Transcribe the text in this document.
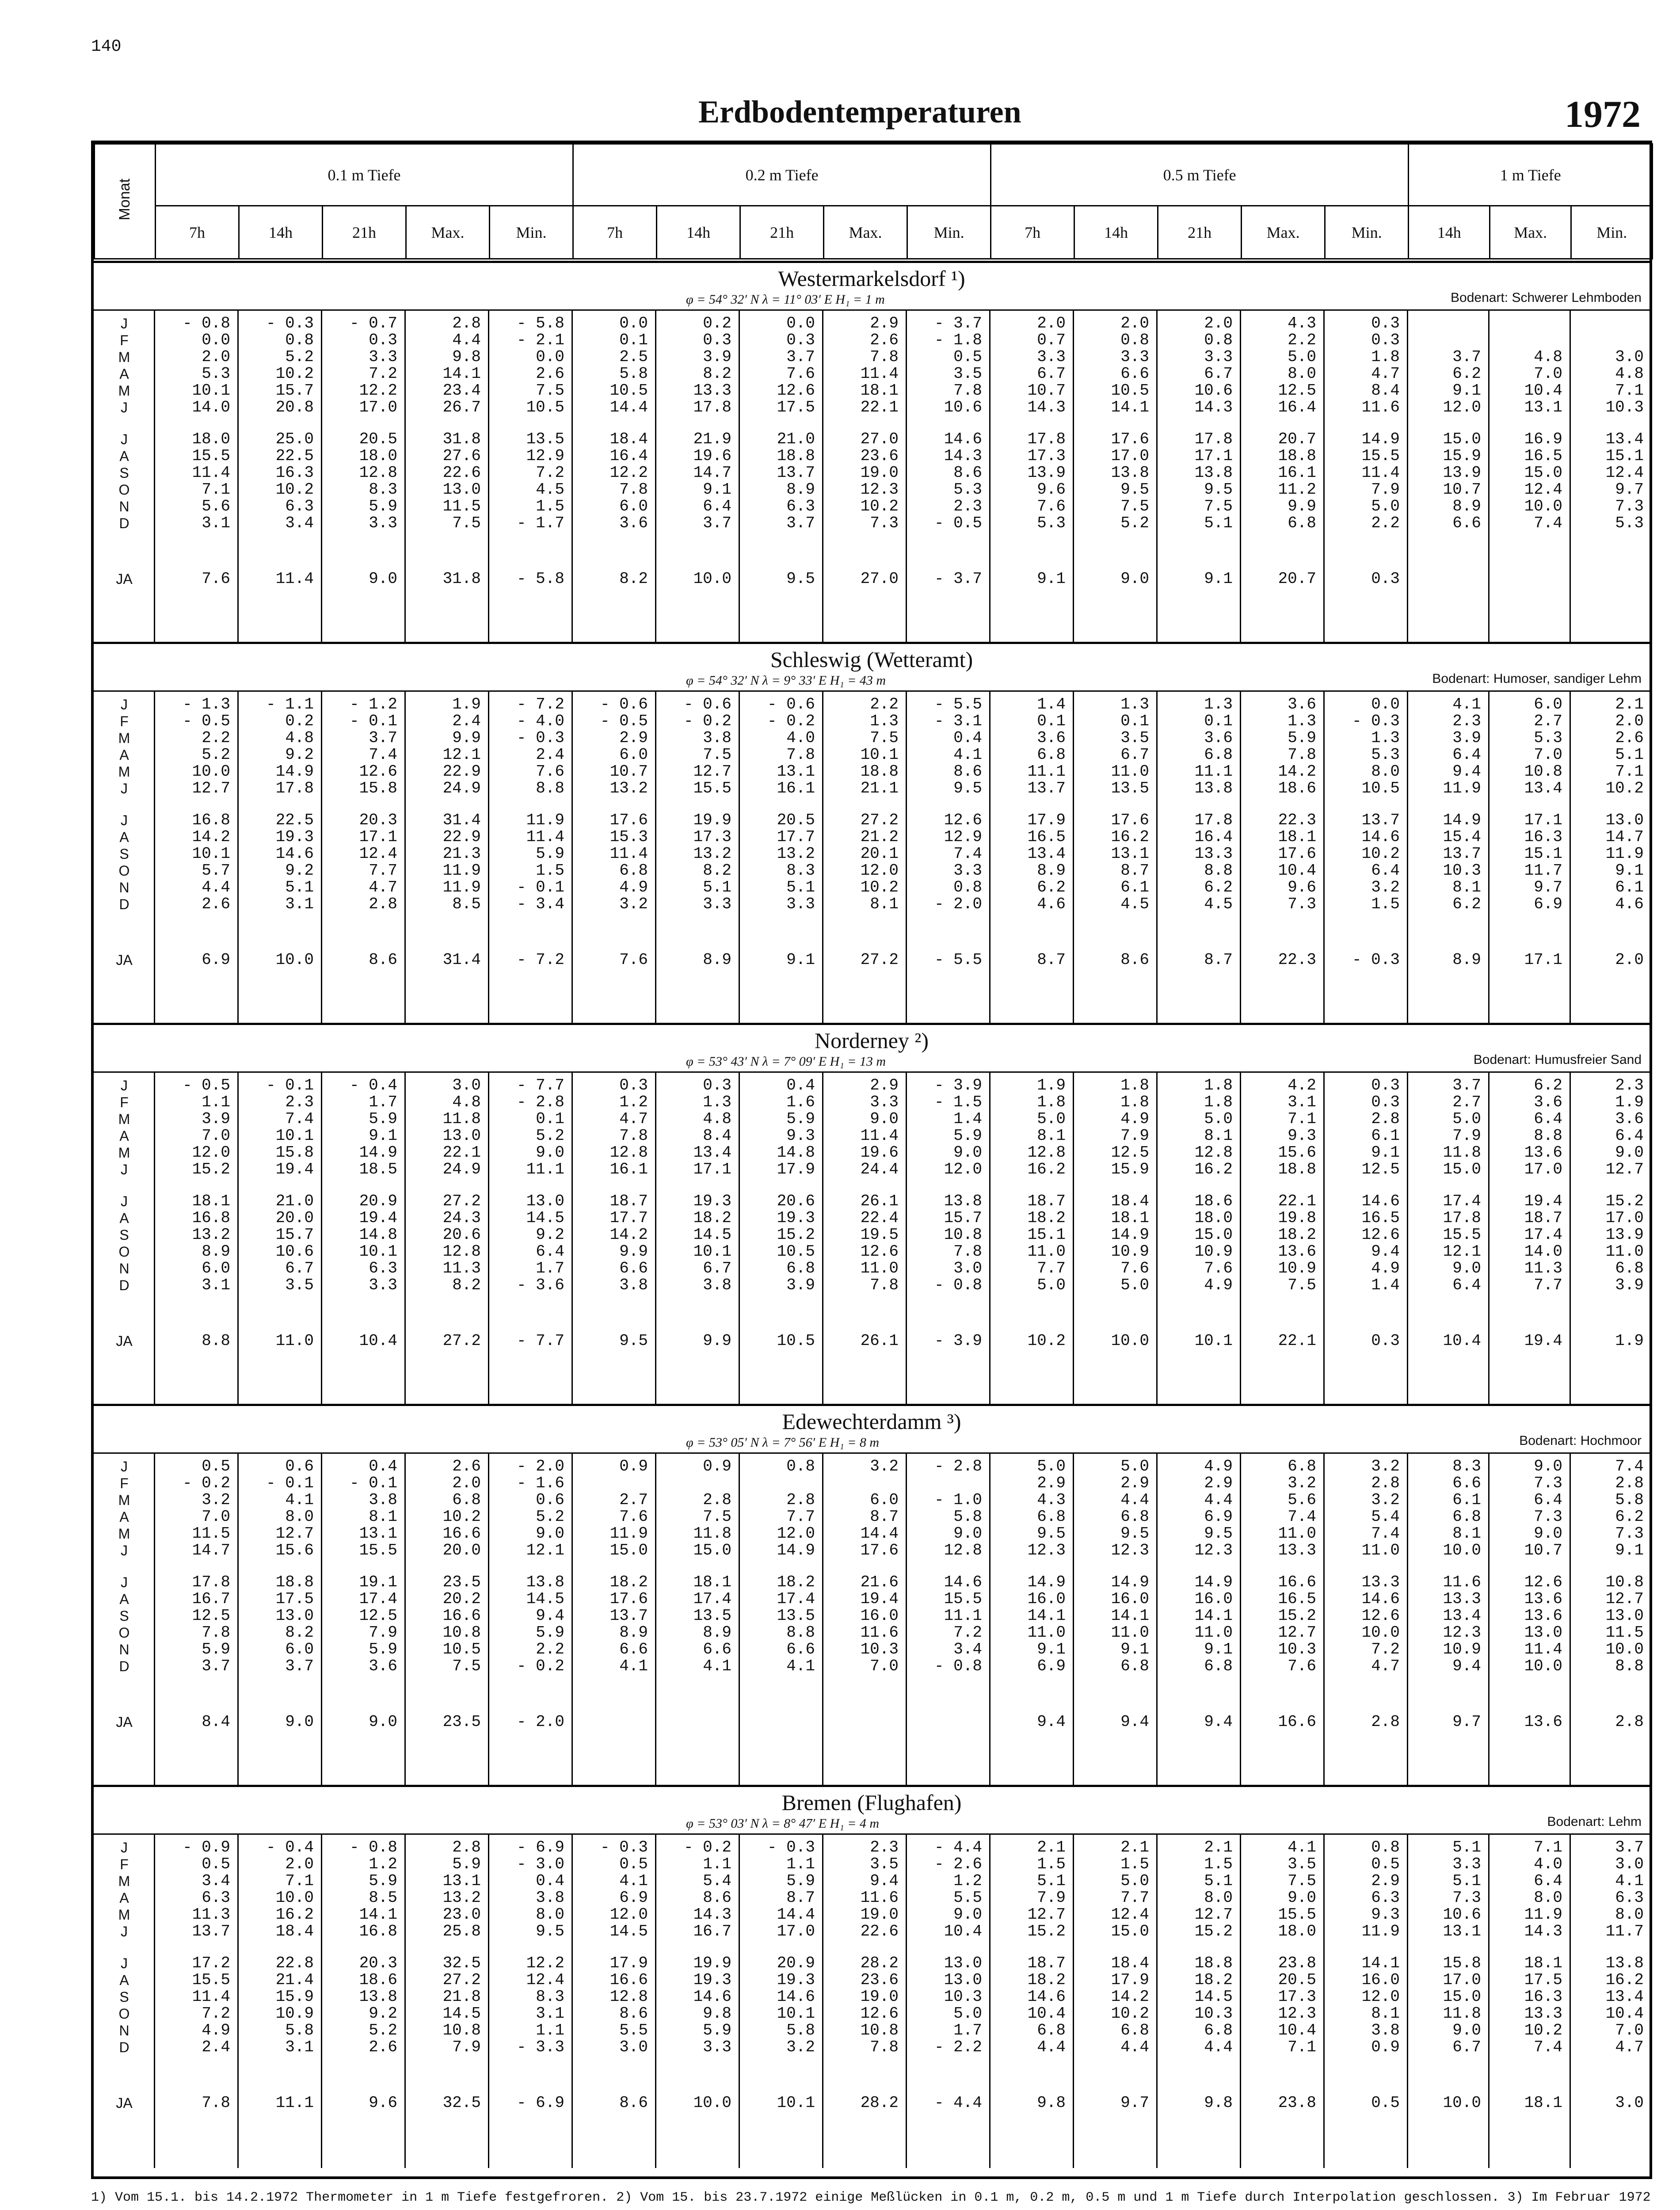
140
Erdbodentemperaturen	1972
Monat	0.1 m Tiefe					0.2 m Tiefe					0.5 m Tiefe					1 m Tiefe		
	7h	14h	21h	Max.	Min.	7h	14h	21h	Max.	Min.	7h	14h	21h	Max.	Min.	14h	Max.	Min.
Westermarkelsdorf ¹)
φ = 54° 32′ N λ = 11° 03′ E H₁ = 1 m	Bodenart: Schwerer Lehmboden
J	- 0.8	- 0.3	- 0.7	2.8	- 5.8	0.0	0.2	0.0	2.9	- 3.7	2.0	2.0	2.0	4.3	0.3			
F	0.0	0.8	0.3	4.4	- 2.1	0.1	0.3	0.3	2.6	- 1.8	0.7	0.8	0.8	2.2	0.3			
M	2.0	5.2	3.3	9.8	0.0	2.5	3.9	3.7	7.8	0.5	3.3	3.3	3.3	5.0	1.8	3.7	4.8	3.0
A	5.3	10.2	7.2	14.1	2.6	5.8	8.2	7.6	11.4	3.5	6.7	6.6	6.7	8.0	4.7	6.2	7.0	4.8
M	10.1	15.7	12.2	23.4	7.5	10.5	13.3	12.6	18.1	7.8	10.7	10.5	10.6	12.5	8.4	9.1	10.4	7.1
J	14.0	20.8	17.0	26.7	10.5	14.4	17.8	17.5	22.1	10.6	14.3	14.1	14.3	16.4	11.6	12.0	13.1	10.3

J	18.0	25.0	20.5	31.8	13.5	18.4	21.9	21.0	27.0	14.6	17.8	17.6	17.8	20.7	14.9	15.0	16.9	13.4
A	15.5	22.5	18.0	27.6	12.9	16.4	19.6	18.8	23.6	14.3	17.3	17.0	17.1	18.8	15.5	15.9	16.5	15.1
S	11.4	16.3	12.8	22.6	7.2	12.2	14.7	13.7	19.0	8.6	13.9	13.8	13.8	16.1	11.4	13.9	15.0	12.4
O	7.1	10.2	8.3	13.0	4.5	7.8	9.1	8.9	12.3	5.3	9.6	9.5	9.5	11.2	7.9	10.7	12.4	9.7
N	5.6	6.3	5.9	11.5	1.5	6.0	6.4	6.3	10.2	2.3	7.6	7.5	7.5	9.9	5.0	8.9	10.0	7.3
D	3.1	3.4	3.3	7.5	- 1.7	3.6	3.7	3.7	7.3	- 0.5	5.3	5.2	5.1	6.8	2.2	6.6	7.4	5.3

JA	7.6	11.4	9.0	31.8	- 5.8	8.2	10.0	9.5	27.0	- 3.7	9.1	9.0	9.1	20.7	0.3			
Schleswig (Wetteramt)
φ = 54° 32′ N λ = 9° 33′ E H₁ = 43 m	Bodenart: Humoser, sandiger Lehm
J	- 1.3	- 1.1	- 1.2	1.9	- 7.2	- 0.6	- 0.6	- 0.6	2.2	- 5.5	1.4	1.3	1.3	3.6	0.0	4.1	6.0	2.1
F	- 0.5	0.2	- 0.1	2.4	- 4.0	- 0.5	- 0.2	- 0.2	1.3	- 3.1	0.1	0.1	0.1	1.3	- 0.3	2.3	2.7	2.0
M	2.2	4.8	3.7	9.9	- 0.3	2.9	3.8	4.0	7.5	0.4	3.6	3.5	3.6	5.9	1.3	3.9	5.3	2.6
A	5.2	9.2	7.4	12.1	2.4	6.0	7.5	7.8	10.1	4.1	6.8	6.7	6.8	7.8	5.3	6.4	7.0	5.1
M	10.0	14.9	12.6	22.9	7.6	10.7	12.7	13.1	18.8	8.6	11.1	11.0	11.1	14.2	8.0	9.4	10.8	7.1
J	12.7	17.8	15.8	24.9	8.8	13.2	15.5	16.1	21.1	9.5	13.7	13.5	13.8	18.6	10.5	11.9	13.4	10.2

J	16.8	22.5	20.3	31.4	11.9	17.6	19.9	20.5	27.2	12.6	17.9	17.6	17.8	22.3	13.7	14.9	17.1	13.0
A	14.2	19.3	17.1	22.9	11.4	15.3	17.3	17.7	21.2	12.9	16.5	16.2	16.4	18.1	14.6	15.4	16.3	14.7
S	10.1	14.6	12.4	21.3	5.9	11.4	13.2	13.2	20.1	7.4	13.4	13.1	13.3	17.6	10.2	13.7	15.1	11.9
O	5.7	9.2	7.7	11.9	1.5	6.8	8.2	8.3	12.0	3.3	8.9	8.7	8.8	10.4	6.4	10.3	11.7	9.1
N	4.4	5.1	4.7	11.9	- 0.1	4.9	5.1	5.1	10.2	0.8	6.2	6.1	6.2	9.6	3.2	8.1	9.7	6.1
D	2.6	3.1	2.8	8.5	- 3.4	3.2	3.3	3.3	8.1	- 2.0	4.6	4.5	4.5	7.3	1.5	6.2	6.9	4.6

JA	6.9	10.0	8.6	31.4	- 7.2	7.6	8.9	9.1	27.2	- 5.5	8.7	8.6	8.7	22.3	- 0.3	8.9	17.1	2.0
Norderney ²)
φ = 53° 43′ N λ = 7° 09′ E H₁ = 13 m	Bodenart: Humusfreier Sand
J	- 0.5	- 0.1	- 0.4	3.0	- 7.7	0.3	0.3	0.4	2.9	- 3.9	1.9	1.8	1.8	4.2	0.3	3.7	6.2	2.3
F	1.1	2.3	1.7	4.8	- 2.8	1.2	1.3	1.6	3.3	- 1.5	1.8	1.8	1.8	3.1	0.3	2.7	3.6	1.9
M	3.9	7.4	5.9	11.8	0.1	4.7	4.8	5.9	9.0	1.4	5.0	4.9	5.0	7.1	2.8	5.0	6.4	3.6
A	7.0	10.1	9.1	13.0	5.2	7.8	8.4	9.3	11.4	5.9	8.1	7.9	8.1	9.3	6.1	7.9	8.8	6.4
M	12.0	15.8	14.9	22.1	9.0	12.8	13.4	14.8	19.6	9.0	12.8	12.5	12.8	15.6	9.1	11.8	13.6	9.0
J	15.2	19.4	18.5	24.9	11.1	16.1	17.1	17.9	24.4	12.0	16.2	15.9	16.2	18.8	12.5	15.0	17.0	12.7

J	18.1	21.0	20.9	27.2	13.0	18.7	19.3	20.6	26.1	13.8	18.7	18.4	18.6	22.1	14.6	17.4	19.4	15.2
A	16.8	20.0	19.4	24.3	14.5	17.7	18.2	19.3	22.4	15.7	18.2	18.1	18.0	19.8	16.5	17.8	18.7	17.0
S	13.2	15.7	14.8	20.6	9.2	14.2	14.5	15.2	19.5	10.8	15.1	14.9	15.0	18.2	12.6	15.5	17.4	13.9
O	8.9	10.6	10.1	12.8	6.4	9.9	10.1	10.5	12.6	7.8	11.0	10.9	10.9	13.6	9.4	12.1	14.0	11.0
N	6.0	6.7	6.3	11.3	1.7	6.6	6.7	6.8	11.0	3.0	7.7	7.6	7.6	10.9	4.9	9.0	11.3	6.8
D	3.1	3.5	3.3	8.2	- 3.6	3.8	3.8	3.9	7.8	- 0.8	5.0	5.0	4.9	7.5	1.4	6.4	7.7	3.9

JA	8.8	11.0	10.4	27.2	- 7.7	9.5	9.9	10.5	26.1	- 3.9	10.2	10.0	10.1	22.1	0.3	10.4	19.4	1.9
Edewechterdamm ³)
φ = 53° 05′ N λ = 7° 56′ E H₁ = 8 m	Bodenart: Hochmoor
J	0.5	0.6	0.4	2.6	- 2.0	0.9	0.9	0.8	3.2	- 2.8	5.0	5.0	4.9	6.8	3.2	8.3	9.0	7.4
F	- 0.2	- 0.1	- 0.1	2.0	- 1.6						2.9	2.9	2.9	3.2	2.8	6.6	7.3	2.8
M	3.2	4.1	3.8	6.8	0.6	2.7	2.8	2.8	6.0	- 1.0	4.3	4.4	4.4	5.6	3.2	6.1	6.4	5.8
A	7.0	8.0	8.1	10.2	5.2	7.6	7.5	7.7	8.7	5.8	6.8	6.8	6.9	7.4	5.4	6.8	7.3	6.2
M	11.5	12.7	13.1	16.6	9.0	11.9	11.8	12.0	14.4	9.0	9.5	9.5	9.5	11.0	7.4	8.1	9.0	7.3
J	14.7	15.6	15.5	20.0	12.1	15.0	15.0	14.9	17.6	12.8	12.3	12.3	12.3	13.3	11.0	10.0	10.7	9.1

J	17.8	18.8	19.1	23.5	13.8	18.2	18.1	18.2	21.6	14.6	14.9	14.9	14.9	16.6	13.3	11.6	12.6	10.8
A	16.7	17.5	17.4	20.2	14.5	17.6	17.4	17.4	19.4	15.5	16.0	16.0	16.0	16.5	14.6	13.3	13.6	12.7
S	12.5	13.0	12.5	16.6	9.4	13.7	13.5	13.5	16.0	11.1	14.1	14.1	14.1	15.2	12.6	13.4	13.6	13.0
O	7.8	8.2	7.9	10.8	5.9	8.9	8.9	8.8	11.6	7.2	11.0	11.0	11.0	12.7	10.0	12.3	13.0	11.5
N	5.9	6.0	5.9	10.5	2.2	6.6	6.6	6.6	10.3	3.4	9.1	9.1	9.1	10.3	7.2	10.9	11.4	10.0
D	3.7	3.7	3.6	7.5	- 0.2	4.1	4.1	4.1	7.0	- 0.8	6.9	6.8	6.8	7.6	4.7	9.4	10.0	8.8

JA	8.4	9.0	9.0	23.5	- 2.0						9.4	9.4	9.4	16.6	2.8	9.7	13.6	2.8
Bremen (Flughafen)
φ = 53° 03′ N λ = 8° 47′ E H₁ = 4 m	Bodenart: Lehm
J	- 0.9	- 0.4	- 0.8	2.8	- 6.9	- 0.3	- 0.2	- 0.3	2.3	- 4.4	2.1	2.1	2.1	4.1	0.8	5.1	7.1	3.7
F	0.5	2.0	1.2	5.9	- 3.0	0.5	1.1	1.1	3.5	- 2.6	1.5	1.5	1.5	3.5	0.5	3.3	4.0	3.0
M	3.4	7.1	5.9	13.1	0.4	4.1	5.4	5.9	9.4	1.2	5.1	5.0	5.1	7.5	2.9	5.1	6.4	4.1
A	6.3	10.0	8.5	13.2	3.8	6.9	8.6	8.7	11.6	5.5	7.9	7.7	8.0	9.0	6.3	7.3	8.0	6.3
M	11.3	16.2	14.1	23.0	8.0	12.0	14.3	14.4	19.0	9.0	12.7	12.4	12.7	15.5	9.3	10.6	11.9	8.0
J	13.7	18.4	16.8	25.8	9.5	14.5	16.7	17.0	22.6	10.4	15.2	15.0	15.2	18.0	11.9	13.1	14.3	11.7

J	17.2	22.8	20.3	32.5	12.2	17.9	19.9	20.9	28.2	13.0	18.7	18.4	18.8	23.8	14.1	15.8	18.1	13.8
A	15.5	21.4	18.6	27.2	12.4	16.6	19.3	19.3	23.6	13.0	18.2	17.9	18.2	20.5	16.0	17.0	17.5	16.2
S	11.4	15.9	13.8	21.8	8.3	12.8	14.6	14.6	19.0	10.3	14.6	14.2	14.5	17.3	12.0	15.0	16.3	13.4
O	7.2	10.9	9.2	14.5	3.1	8.6	9.8	10.1	12.6	5.0	10.4	10.2	10.3	12.3	8.1	11.8	13.3	10.4
N	4.9	5.8	5.2	10.8	1.1	5.5	5.9	5.8	10.8	1.7	6.8	6.8	6.8	10.4	3.8	9.0	10.2	7.0
D	2.4	3.1	2.6	7.9	- 3.3	3.0	3.3	3.2	7.8	- 2.2	4.4	4.4	4.4	7.1	0.9	6.7	7.4	4.7

JA	7.8	11.1	9.6	32.5	- 6.9	8.6	10.0	10.1	28.2	- 4.4	9.8	9.7	9.8	23.8	0.5	10.0	18.1	3.0
1) Vom 15.1. bis 14.2.1972 Thermometer in 1 m Tiefe festgefroren. 2) Vom 15. bis 23.7.1972 einige Meßlücken in 0.1 m, 0.2 m, 0.5 m und 1 m Tiefe durch Interpolation geschlossen. 3) Im Februar 1972
